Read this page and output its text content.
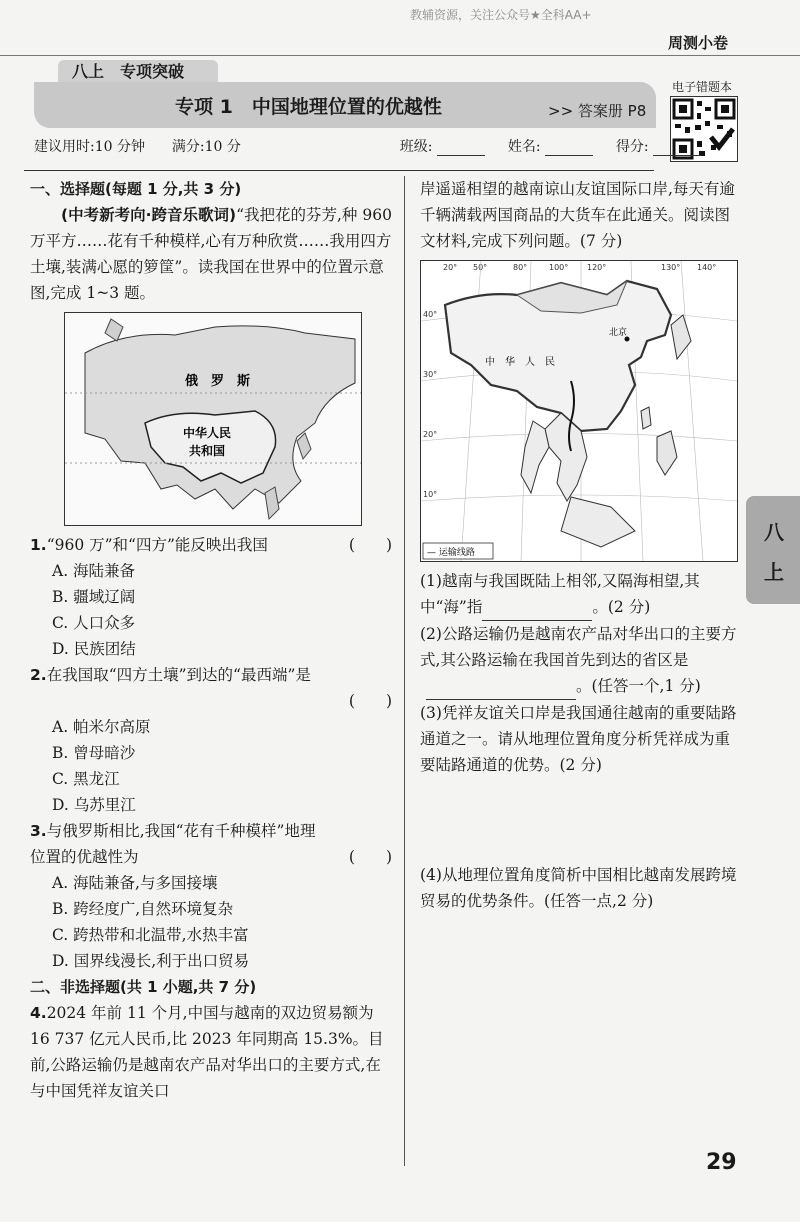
教辅资源，关注公众号★全科AA+
周测小卷
八上　专项突破
专项 1　中国地理位置的优越性	>> 答案册 P8
电子错题本
建议用时:10 分钟 满分:10 分	班级:	姓名:	得分:

一、选择题(每题 1 分,共 3 分)

(中考新考向·跨音乐歌词)“我把花的芬芳,种 960 万平方……花有千种模样,心有万种欣赏……我用四方土壤,装满心愿的箩筐”。读我国在世界中的位置示意图,完成 1~3 题。

俄　罗　斯
中华人民
共和国

1.“960 万”和“四方”能反映出我国	(　　)

A. 海陆兼备

B. 疆域辽阔

C. 人口众多

D. 民族团结

2.在我国取“四方土壤”到达的“最西端”是

(　　)

A. 帕米尔高原

B. 曾母暗沙

C. 黑龙江

D. 乌苏里江

3.与俄罗斯相比,我国“花有千种模样”地理位置的优越性为	(　　)

A. 海陆兼备,与多国接壤

B. 跨经度广,自然环境复杂

C. 跨热带和北温带,水热丰富

D. 国界线漫长,利于出口贸易

二、非选择题(共 1 小题,共 7 分)

4.2024 年前 11 个月,中国与越南的双边贸易额为 16 737 亿元人民币,比 2023 年同期高 15.3%。目前,公路运输仍是越南农产品对华出口的主要方式,在与中国凭祥友谊关口

岸遥遥相望的越南谅山友谊国际口岸,每天有逾千辆满载两国商品的大货车在此通关。阅读图文材料,完成下列问题。(7 分)

20° 50°	80°	100° 120°	130° 140°
40°
30°
20°
10°
北京
中　华　人　民
— 运输线路

(1)越南与我国既陆上相邻,又隔海相望,其中“海”指	。(2 分)

(2)公路运输仍是越南农产品对华出口的主要方式,其公路运输在我国首先到达的省区是 。(任答一个,1 分)

(3)凭祥友谊关口岸是我国通往越南的重要陆路通道之一。请从地理位置角度分析凭祥成为重要陆路通道的优势。(2 分)

(4)从地理位置角度简析中国相比越南发展跨境贸易的优势条件。(任答一点,2 分)

八
上
29
